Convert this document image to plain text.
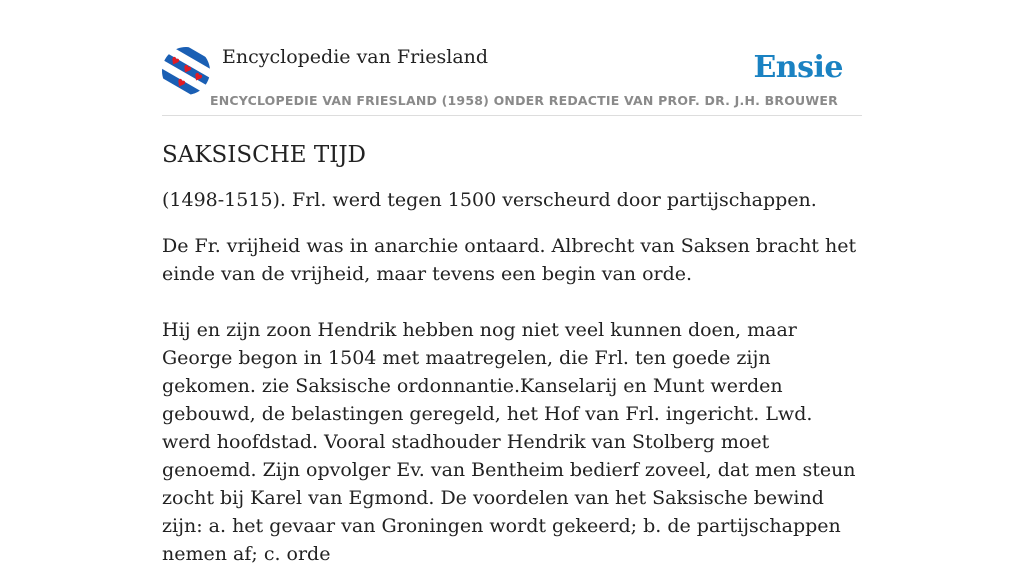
Encyclopedie van Friesland	Ensie
ENCYCLOPEDIE VAN FRIESLAND (1958) ONDER REDACTIE VAN PROF. DR. J.H. BROUWER
SAKSISCHE TIJD

(1498-1515). Frl. werd tegen 1500 verscheurd door partijschappen.

De Fr. vrijheid was in anarchie ontaard. Albrecht van Saksen bracht het einde van de vrijheid, maar tevens een begin van orde.

Hij en zijn zoon Hendrik hebben nog niet veel kunnen doen, maar George begon in 1504 met maatregelen, die Frl. ten goede zijn gekomen. zie Saksische ordonnantie.Kanselarij en Munt werden gebouwd, de belastingen geregeld, het Hof van Frl. ingericht. Lwd. werd hoofdstad. Vooral stadhouder Hendrik van Stolberg moet genoemd. Zijn opvolger Ev. van Bentheim bedierf zoveel, dat men steun zocht bij Karel van Egmond. De voordelen van het Saksische bewind zijn: a. het gevaar van Groningen wordt gekeerd; b. de partijschappen nemen af; c. orde
